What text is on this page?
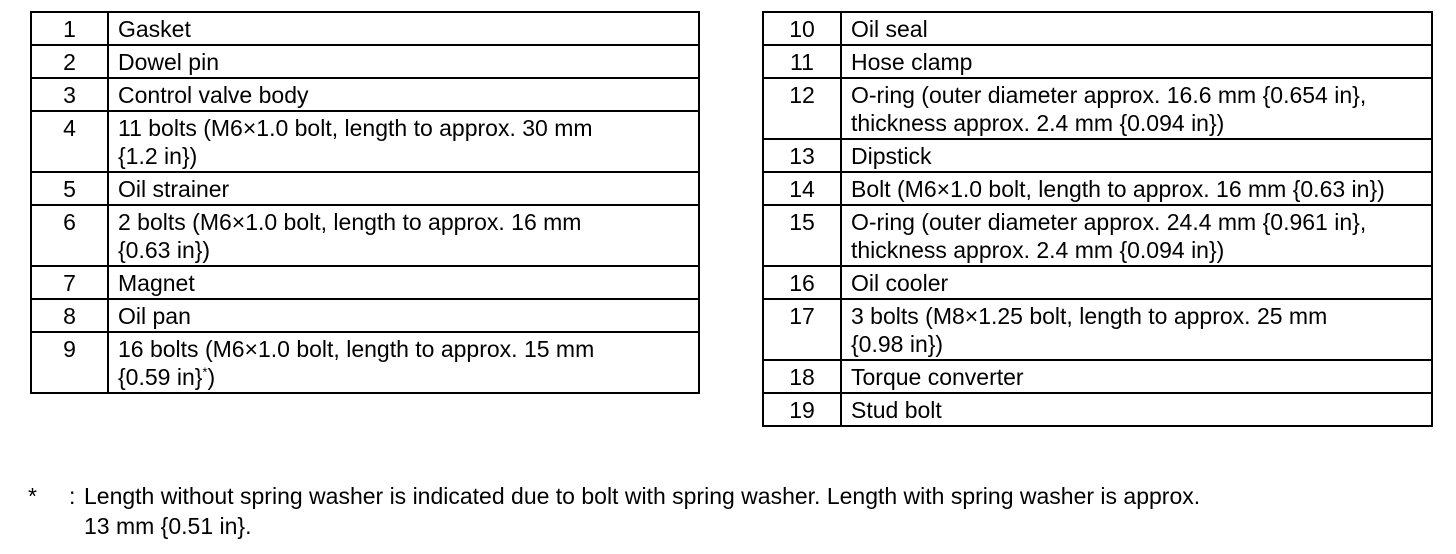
1	Gasket
2	Dowel pin
3	Control valve body
4	11 bolts (M6×1.0 bolt, length to approx. 30 mm
{1.2 in})
5	Oil strainer
6	2 bolts (M6×1.0 bolt, length to approx. 16 mm
{0.63 in})
7	Magnet
8	Oil pan
9	16 bolts (M6×1.0 bolt, length to approx. 15 mm
{0.59 in}*)
10	Oil seal
11	Hose clamp
12	O-ring (outer diameter approx. 16.6 mm {0.654 in},
thickness approx. 2.4 mm {0.094 in})
13	Dipstick
14	Bolt (M6×1.0 bolt, length to approx. 16 mm {0.63 in})
15	O-ring (outer diameter approx. 24.4 mm {0.961 in},
thickness approx. 2.4 mm {0.094 in})
16	Oil cooler
17	3 bolts (M8×1.25 bolt, length to approx. 25 mm
{0.98 in})
18	Torque converter
19	Stud bolt
* : Length without spring washer is indicated due to bolt with spring washer. Length with spring washer is approx.
13 mm {0.51 in}.
